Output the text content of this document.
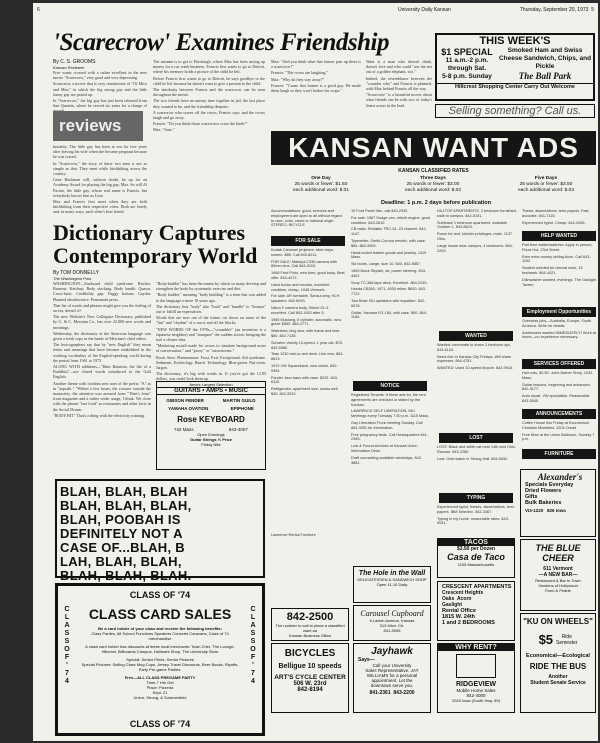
6	University Daily Kansan	Thursday, September 20, 1973 5
'Scarecrow' Examines Friendship
By C. S. GROOMS
Kansan Reviewer

Free wants crossed with a rather excellent in the new movie "Scarecrow," very good and very depressing.

Scarecrow, a movie that is very reminiscent of "Of Mice and Men," in which the big strong guy and the little funny guy are paired up.

In "Scarecrow," the big guy has just been released from San Quentin, where he served six years for a charge of

reviews

brutality. The little guy has been at sea for five years after leaving his wife when she became pregnant because he was scared.

In "Scarecrow," the story of these two men is not as simple as that. They meet while hitchhiking across the country.

Gene Hackman will, without doubt, be up for an Academy Award for playing the big guy, Max. So will Al Pacino, the little guy, whose real name is Francis, but everybody knows him as Lion.

Max and Francis first meet when they are both hitchhiking from their respective cities. Both are lonely and, in many ways, each other's best friend.

The autumn is to get to Pittsburgh, where Max has been saving up money for a car wash business. Francis first wants to go to Detroit, where his memory holds a picture of the child he left.

Before Francis first wants to go to Detroit, he says goodbye to the child he left because he doesn't want to give a present to the child.

The similarity between Francis and the scarecrow can be seen throughout the movie.

The two friends have an uneasy time together in jail, the last place they wanted to be, and the friendship deepens.

A scarecrow who scares off the crows, Francis says, and the crows laugh and go away.

Francis: "Do you think those scarecrows scare the birds?"

Max: "Sure."

Max: "And you think what that farmer puts up there is a scarecrow?"

Francis: "The crows are laughing."

Max: "Why do they stay away?"

Francis: "'Cause that farmer is a good guy. He made them laugh so they won't bother his crops."

Want is a man who doesn't think, doesn't love and who could "use the sea out of a golden elephant, too."

Indeed, the resemblance between the "crusader who" and Francis is planned, with Max behind Francis all the way.

"Scarecrow" is a beautiful movie about what friends can be with two of today's finest actors in the lead.

Dictionary Captures Contemporary World
By TOM DONNELLY
The Washington Post

WASHINGTON—Starboard child syndrome. Bircher. Burnout. Ketchup. Body stocking. Body bandit. Quasar, Cross-hairs. Credibility gap. Fuggy bottom. Gaydar. Planned obsolescence. Permanent press.

That list of words and phrases might give you the feeling of an era, doesn't it?

The new Webster's New Collegiate Dictionary, published by G. & C. Merriam Co., has over 22,000 new words and meanings.

Wednesday, the dictionary of the American language was given a fresh copy in the hands of Merriam's chief editor.

The lexicographers say that by "new English" they mean terms and meanings that have become established in the working vocabulary of the English-speaking world during the period from 1961 to 1973.

ALONG WITH additions—"Ham Rotation, the life of a Buddhist"—are closed words introduced to the Gulf English.

Another theme with foodism new uses of the prefix "A" as in "aiqualit." "Within a few hours, the coroner outside the monastery, the attention was aroused from "Then's from" from magazine and a rather wider usage, I think. We close with the phrase "fast food" as restaurants and other facts in the Social Dream.

"BODY BIT" That's a thing with the electricity training.

"Body-builder" has been the means by which so many develop and strengthen the body by systematic exercise and diet.

"Body builder," meaning "body building" is a term that was added to the language a mere 10 years ago.

The dictionary lists "body" also "built" and "bundle" to "bounce" out or fulfill an expectation.

Words that are now out of the frame, cut down on some of the "fun" and "rhythm" of a word, and all the blocks.

"NEW WORDS OF the 1970s—"scrambler" (an invention is a Japanese neighbor) and "marquee" the sudden action, bringing the tool a clearer idea.

"Marketing mouth made for actors to simulate background noise of conversation," and "proxy" or "snowstorms."

Book. Save. Phenomenon. Frost, Exit. Exceptional. Aid syndrome. Sediment. Exobiology. Beach. Technology. Blue-green. Nut-toxin. Jargon.

The dictionary, it's big with words in. If you've got the 12.95 dollars, you could look them up.

Area's Largest Selection
GUITARS • AMPS • MUSIC
GIBSON FENDER	MARTIN GUILD
YAMAHA OVATION	EPIPHONE
Rose KEYBOARD
742 Mass.	843-3007
Open Evenings
Guitar Strings ½ Price
Friday Nite
BLAH, BLAH, BLAH
BLAH, BLAH, BLAH,
BLAH, POOBAH IS
DEFINITELY NOT A
CASE OF...BLAH, B
LAH, BLAH, BLAH,
BLAH, BLAH, BLAH.
CLASS OF '74
CLASS CARD SALES
Be a card holder of your class and receive the following benefits:
Class Parties, All School Functions Speakers Concerts Caravans, Class of 74 merchandise
A class card holder has discounts at these local merchants: Town Crier, The Lounge-Hillcrest, Billboards Campus, Hallmark Shop, The University Store
Special: Senior Prints, Senior Pictures
Special Pictures: Selling Class Mug Cups, Jersey Travel Discounts, Beer Books, Ripoffs, Party Pre-game Parties.
Free—ALL CLASS PREGAME PARTY
Time-7 Hrs Get
Place: Pizzeria
Sept. 21
Union, Strong, & Summerfield
CLASS OF '74
C
L
A
S
S
O
F
'
7
4
C
L
A
S
S
O
F
'
7
4
THIS WEEK'S
$1 SPECIAL
11 a.m.-2 p.m. through Sat.
5-8 p.m. Sunday
Smoked Ham and Swiss Cheese Sandwich, Chips, and Pickle
The Ball Park
Hillcrest Shopping Center Carry Out Welcome
Selling something? Call us.
KANSAN WANT ADS
KANSAN CLASSIFIED RATES
One Day
25 words or fewer: $1.50
each additional word: $.01
Three Days
25 words or fewer: $3.00
each additional word: $.02
Five Days
25 words or fewer: $3.50
each additional word: $.03
Deadline: 1 p.m. 2 days before publication
FOR SALE

Accommodations: good, services and employment are open to all without regard to race, color, creed or national origin. STEREO, BICYCLE

Kodak Carousel projector, slide trays, screen. $85. Call 843-8211.

FOR SALE: Mamiya C330 camera with 80mm lens. Call 864-3115.

1968 Ford Pinto, new tires, good body. Best offer. 843-4472.

Used books and records, excellent condition, cheap. 1045 Vermont.

For sale: AR turntable, Sansui amp, KLH speakers. 842-6093.

Nikon F camera body, 50mm f/1.4, excellent. Call 843-1952 after 5.

1965 Mustang, 6 cylinder, automatic, runs great. $550. 864-2771.

Waterbed, king size, with frame and liner. $60. 842-7138.

Schwinn Varsity 10-speed, 1 year old. $75. 843-5580.

Teac 1230 reel-to-reel deck. Like new. 864-8813.

1970 VW Squareback, new clutch. 842-0954.

Fender Jazz bass with case. $225. 843-6110.

Refrigerator, apartment size, works well. $40. 842-3319.

Lawrence Rental Furniture

10 Ford Panel Van, call 843-2930.

For sale: 1967 Dodge van, rebuilt engine, good condition. 843-2810.

CB radio, Realistic TRC-24, 23 channel. 842-1147.

Typewriter, Smith-Corona electric, with case. $65. 864-3309.

Hand-tooled leather goods and jewelry, 1019 Mass.

Ski boots, Lange, size 10. $40. 842-8857.

1969 Buick Skylark, air, power steering. 843-4401.

Sony TC-366 tape deck. Excellent. 864-2245.

Honda CB350, 1971, 4000 miles. $600. 843-7722.

Two Bose 901 speakers with equalizer. 842-6678.

Guitar, Yamaha FG-180, with case. $90. 864-1184.

NOTICE

Registered Tenants: If these ads for, the rent agreements are checked or stated by the Kansan.

LAWRENCE SELF LIBERATION, INC. Meetings every Tuesday 7:30 p.m. 1115 Mass.

Gay Liberation Front meeting Sunday. Call 864-3091 for information.

Free pregnancy tests. Call Headquarters 841-2345.

Lost & Found services at Kansas Union Information Desk.

Draft counseling available weekdays, 842-3881.

HILLTOP APARTMENTS. 2 bedroom furnished, walk to campus. 842-5151.

Sublease 1 bedroom apartment, available October 1. 843-8823.

Room for rent, kitchen privileges, male. 1137 Ohio.

Large house near campus, 4 bedrooms. 864-2209.

WANTED

Wanted: roommate to share 2-bedroom apt. 843-6124.

Need ride to Kansas City Fridays. Will share expenses. 864-4751.

WANTED: Used 10-speed bicycle. 842-9918.

LOST

LOST: Black and white cat near 14th and Ohio. Reward. 843-2280.

Lost: Gold watch in Strong Hall. 864-5532.

TYPING

Experienced typist, theses, dissertations, term papers. IBM Selectric. 842-3367.

Typing in my home, reasonable rates. 843-9041.

Thesis, dissertations, term papers. Fast, accurate. 841-7115.

Experienced typist. Cheap. 842-2006.

HELP WANTED

Part time waiter/waitress. Apply in person, Pizza Hut, 23rd Street.

Earn extra money selling Avon. Call 843-1192.

Student needed for clerical work, 15 hrs/week. 864-4421.

Dishwasher wanted, evenings. The Gaslight Tavern.

Employment Opportunities

Overseas jobs—Australia, Europe, South America. Write for details.

Addressers wanted IMMEDIATELY! Work at home—no experience necessary.

SERVICES OFFERED

Hair cuts, $2.50. Joe's Barber Shop, 1033 Mass.

Guitar lessons, beginning and advanced. 842-3177.

Auto repair, VW specialists. Reasonable. 843-5540.

ANNOUNCEMENTS

Coffee House this Friday at Ecumenical Christian Ministries, 1204 Oread.

Free films at the Union Ballroom, Sunday 7 p.m.

FURNITURE
The Hole in the Wall
DELICATESSEN & SANDWICH SHOP
Open 11-10 Daily
Carousel Cupboard
6 Lavish Avenue, Kansas
313 Mich. Ctr.
841-3095
842-2500
The number to call to place a classified want ad
Kansan Business Office
BICYCLES
Belligue 10 speeds
ART'S CYCLE CENTER
506 W. 23rd
842-8194
Jayhawk
Says—
Call your University
Sales Representative. JAY
WILLIAMS for a personal
appointment. Let the
downtown serve you.
841-2361 843-2200
TACOS
$3.50 per Dozen
Casa de Taco
1105 Massachusetts
CRESCENT APARTMENTS
Crescent Heights
Oaks Acorn
Gaslight
Rental Office
1815 W. 24th
1 and 2 BEDROOMS
WHY RENT?
RIDGEVIEW
Mobile Home Sales
842-4000
2020 Iowa (South Hwy. 59)
Alexander's
Specials Everyday
Dried Flowers
Gifts
Bulk Bakeries
VI3-1220 826 Iowa
THE BLUE CHEER
611 Vermont
—A NEW BAR—
Restaurant & Bar In Town
Gardens of Hollywood
Farm & Prairie
"KU ON WHEELS"
$5	Ride
Semester
Economical—Ecological
RIDE THE BUS
Another
Student Senate Service
